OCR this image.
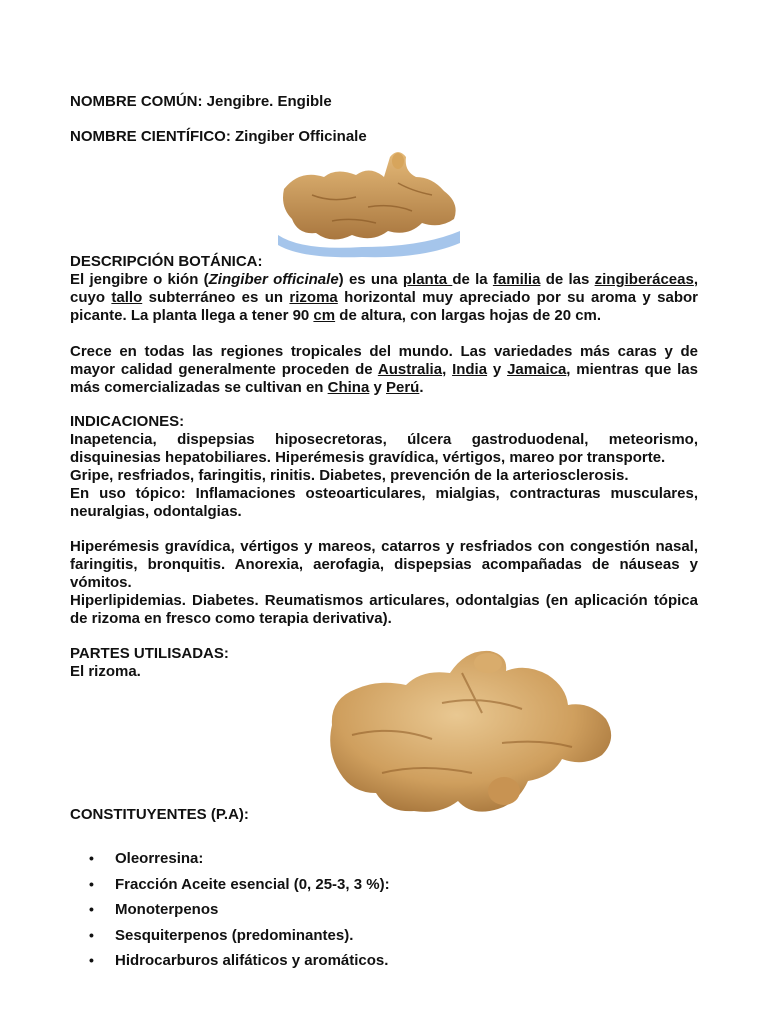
NOMBRE COMÚN: Jengibre. Engible
NOMBRE CIENTÍFICO: Zingiber Officinale
DESCRIPCIÓN BOTÁNICA:

El jengibre o kión (Zingiber officinale) es una planta de la familia de las zingiberáceas, cuyo tallo subterráneo es un rizoma horizontal muy apreciado por su aroma y sabor picante. La planta llega a tener 90 cm de altura, con largas hojas de 20 cm.

Crece en todas las regiones tropicales del mundo. Las variedades más caras y de mayor calidad generalmente proceden de Australia, India y Jamaica, mientras que las más comercializadas se cultivan en China y Perú.

INDICACIONES:

Inapetencia, dispepsias hiposecretoras, úlcera gastroduodenal, meteorismo, disquinesias hepatobiliares. Hiperémesis gravídica, vértigos, mareo por transporte.

Gripe, resfriados, faringitis, rinitis. Diabetes, prevención de la arteriosclerosis.

En uso tópico: Inflamaciones osteoarticulares, mialgias, contracturas musculares, neuralgias, odontalgias.

Hiperémesis gravídica, vértigos y mareos, catarros y resfriados con congestión nasal, faringitis, bronquitis. Anorexia, aerofagia, dispepsias acompañadas de náuseas y vómitos.

Hiperlipidemias. Diabetes. Reumatismos articulares, odontalgias (en aplicación tópica de rizoma en fresco como terapia derivativa).

PARTES UTILISADAS:
El rizoma.
CONSTITUYENTES (P.A):
• Oleorresina:
• Fracción Aceite esencial (0, 25-3, 3 %):
• Monoterpenos
• Sesquiterpenos (predominantes).
• Hidrocarburos alifáticos y aromáticos.
